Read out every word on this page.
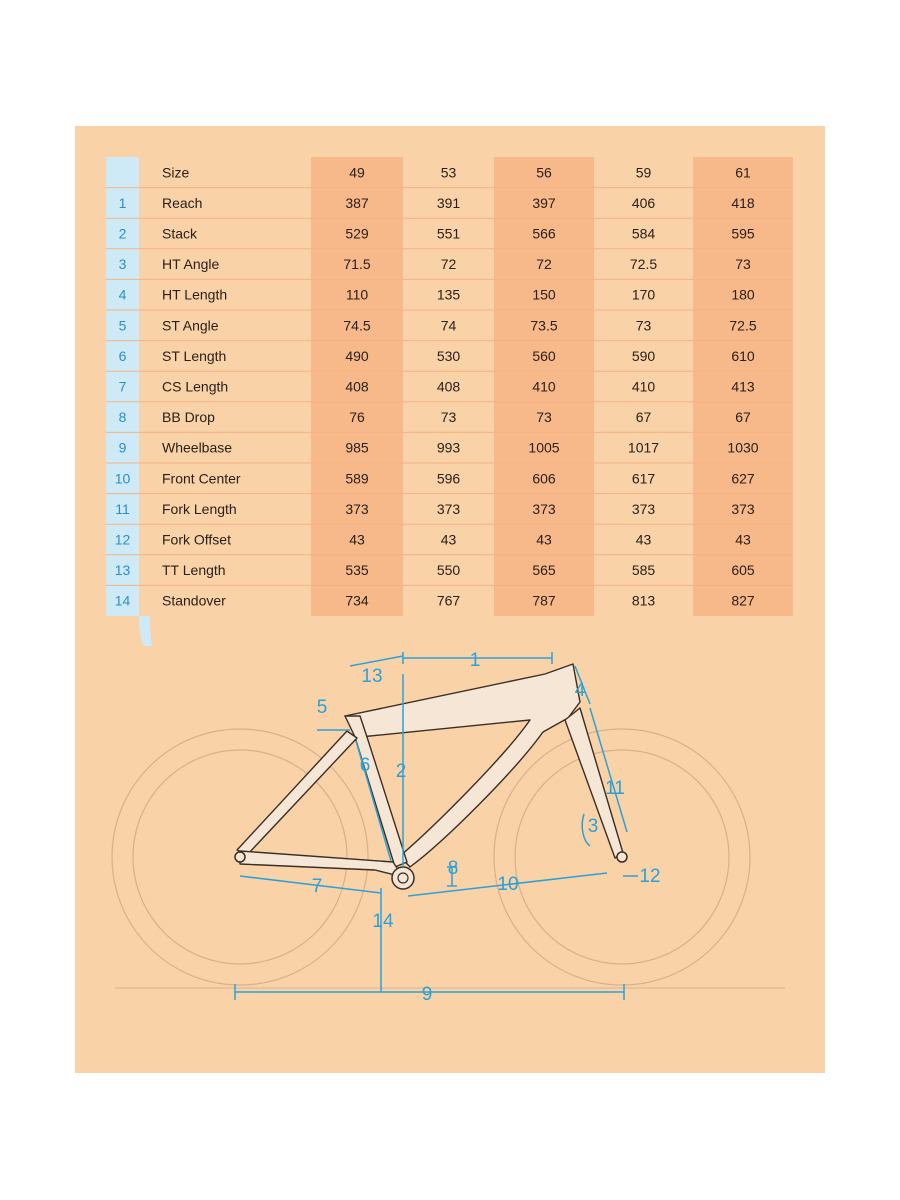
Size	49	53	56	59	61
1	Reach	387	391	397	406	418
2	Stack	529	551	566	584	595
3	HT Angle	71.5	72	72	72.5	73
4	HT Length	110	135	150	170	180
5	ST Angle	74.5	74	73.5	73	72.5
6	ST Length	490	530	560	590	610
7	CS Length	408	408	410	410	413
8	BB Drop	76	73	73	67	67
9	Wheelbase	985	993	1005	1017	1030
10 Front Center	589	596	606	617	627
11 Fork Length	373	373	373	373	373
12 Fork Offset	43	43	43	43	43
13 TT Length	535	550	565	585	605
14 Standover	734	767	787	813	827
1
2
3
4
5
6
7
8
9
10
11
12
13
14
